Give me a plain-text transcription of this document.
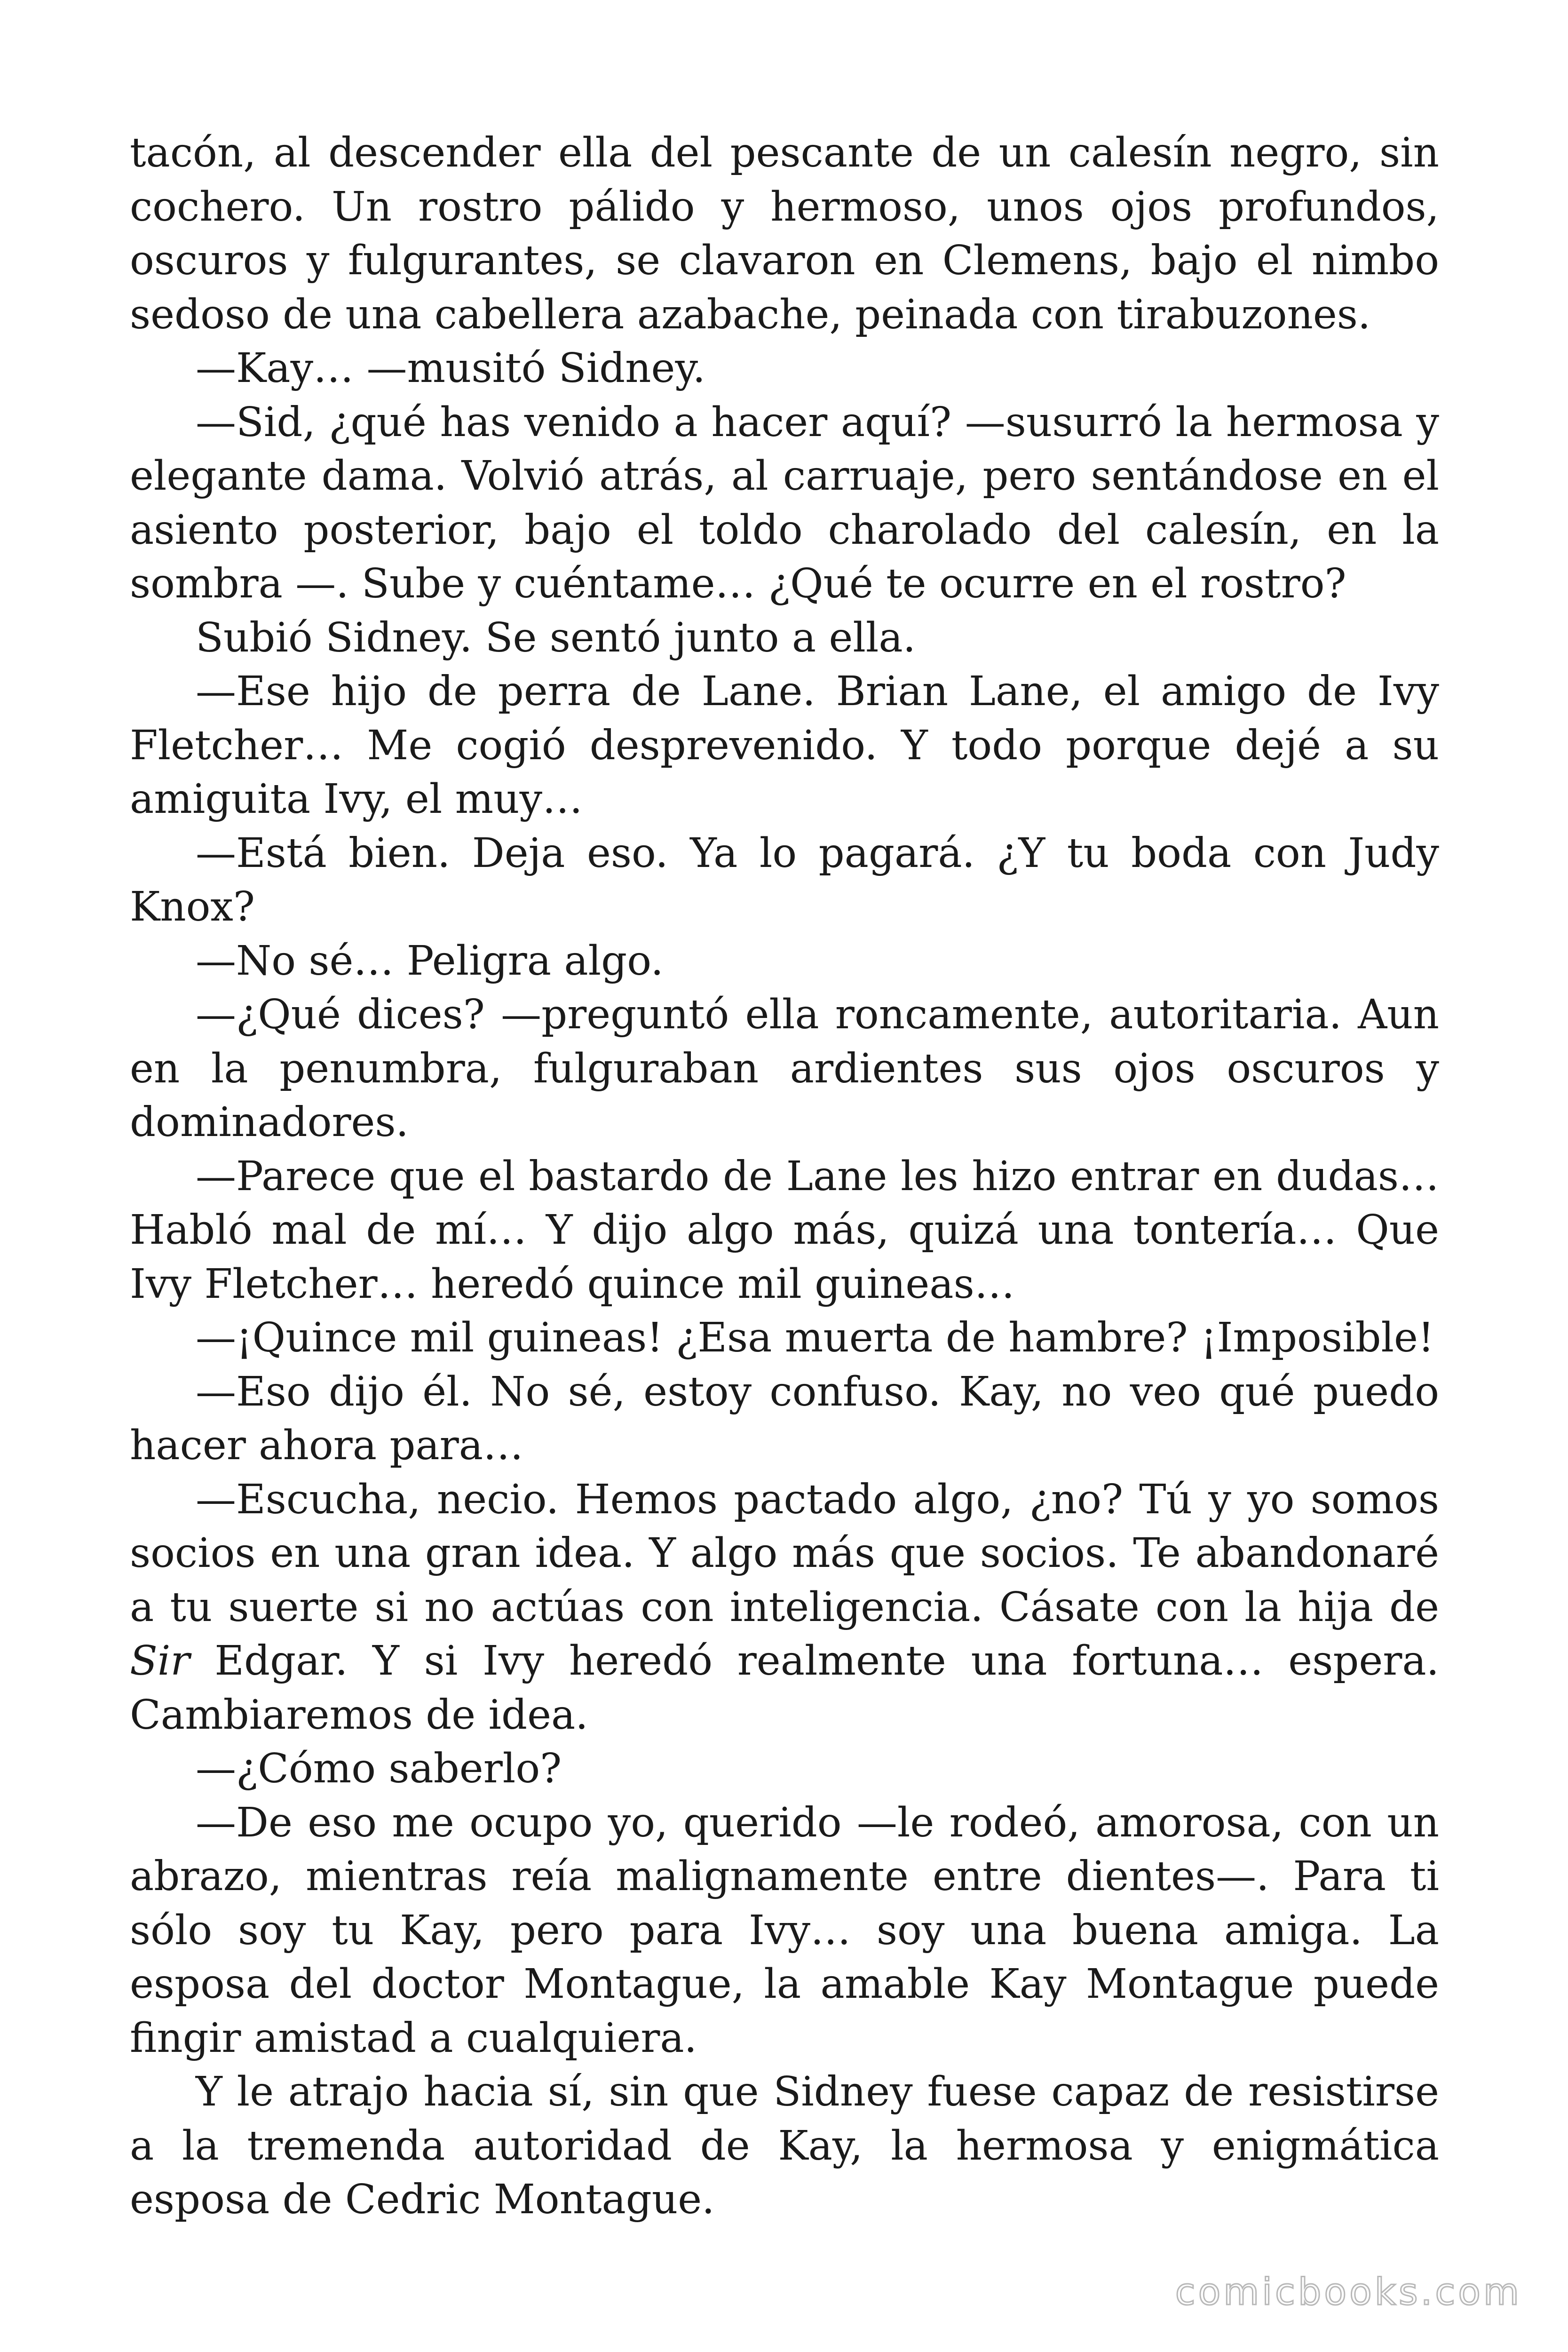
tacón, al descender ella del pescante de un calesín negro, sin cochero. Un rostro pálido y hermoso, unos ojos profundos, oscuros y fulgurantes, se clavaron en Clemens, bajo el nimbo sedoso de una cabellera azabache, peinada con tirabuzones.

—Kay… —musitó Sidney.

—Sid, ¿qué has venido a hacer aquí? —susurró la hermosa y elegante dama. Volvió atrás, al carruaje, pero sentándose en el asiento posterior, bajo el toldo charolado del calesín, en la sombra —. Sube y cuéntame… ¿Qué te ocurre en el rostro?

Subió Sidney. Se sentó junto a ella.

—Ese hijo de perra de Lane. Brian Lane, el amigo de Ivy Fletcher… Me cogió desprevenido. Y todo porque dejé a su amiguita Ivy, el muy…

—Está bien. Deja eso. Ya lo pagará. ¿Y tu boda con Judy Knox?

—No sé… Peligra algo.

—¿Qué dices? —preguntó ella roncamente, autoritaria. Aun en la penumbra, fulguraban ardientes sus ojos oscuros y dominadores.

—Parece que el bastardo de Lane les hizo entrar en dudas… Habló mal de mí… Y dijo algo más, quizá una tontería… Que Ivy Fletcher… heredó quince mil guineas…

—¡Quince mil guineas! ¿Esa muerta de hambre? ¡Imposible!

—Eso dijo él. No sé, estoy confuso. Kay, no veo qué puedo hacer ahora para…

—Escucha, necio. Hemos pactado algo, ¿no? Tú y yo somos socios en una gran idea. Y algo más que socios. Te abandonaré a tu suerte si no actúas con inteligencia. Cásate con la hija de Sir Edgar. Y si Ivy heredó realmente una fortuna… espera. Cambiaremos de idea.

—¿Cómo saberlo?

—De eso me ocupo yo, querido —le rodeó, amorosa, con un abrazo, mientras reía malignamente entre dientes—. Para ti sólo soy tu Kay, pero para Ivy… soy una buena amiga. La esposa del doctor Montague, la amable Kay Montague puede fingir amistad a cualquiera.

Y le atrajo hacia sí, sin que Sidney fuese capaz de resistirse a la tremenda autoridad de Kay, la hermosa y enigmática esposa de Cedric Montague.

comicbooks.com
